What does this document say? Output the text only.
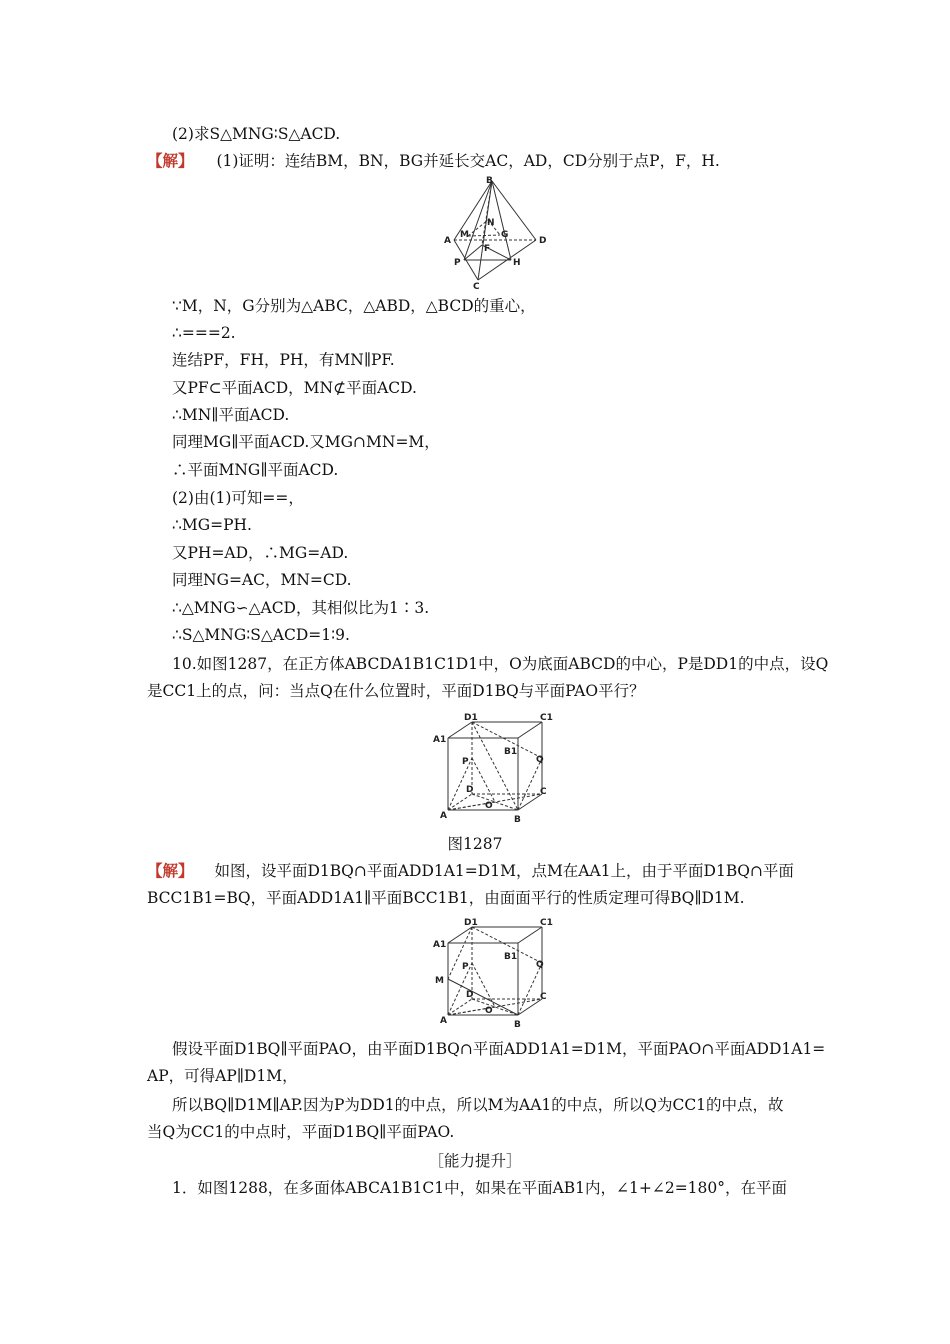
(2)求S△MNG∶S△ACD.
【解】 (1)证明：连结BM，BN，BG并延长交AC，AD，CD分别于点P，F，H.
B
N
M	G
A
F
D
P	H
C
∵M，N，G分别为△ABC，△ABD，△BCD的重心，
∴===2.
连结PF，FH，PH，有MN∥PF.
又PF⊂平面ACD，MN⊄平面ACD.
∴MN∥平面ACD.
同理MG∥平面ACD.又MG∩MN=M，
∴平面MNG∥平面ACD.
(2)由(1)可知==，
∴MG=PH.
又PH=AD，∴MG=AD.
同理NG=AC，MN=CD.
∴△MNG∽△ACD，其相似比为1∶3.
∴S△MNG∶S△ACD=1∶9.
10.如图1287，在正方体ABCDA1B1C1D1中，O为底面ABCD的中心，P是DD1的中点，设Q
是CC1上的点，问：当点Q在什么位置时，平面D1BQ与平面PAO平行？
D1	C1
A1
B1
P	Q
D	C
O
A	B
图1287
【解】 如图，设平面D1BQ∩平面ADD1A1=D1M，点M在AA1上，由于平面D1BQ∩平面
BCC1B1=BQ，平面ADD1A1∥平面BCC1B1，由面面平行的性质定理可得BQ∥D1M.
D1	C1
A1
B1
P	Q
M
D	C
O
A	B
假设平面D1BQ∥平面PAO，由平面D1BQ∩平面ADD1A1=D1M，平面PAO∩平面ADD1A1=
AP，可得AP∥D1M，
所以BQ∥D1M∥AP.因为P为DD1的中点，所以M为AA1的中点，所以Q为CC1的中点，故
当Q为CC1的中点时，平面D1BQ∥平面PAO.
［能力提升］
1．如图1288，在多面体ABCA1B1C1中，如果在平面AB1内，∠1+∠2=180°，在平面
